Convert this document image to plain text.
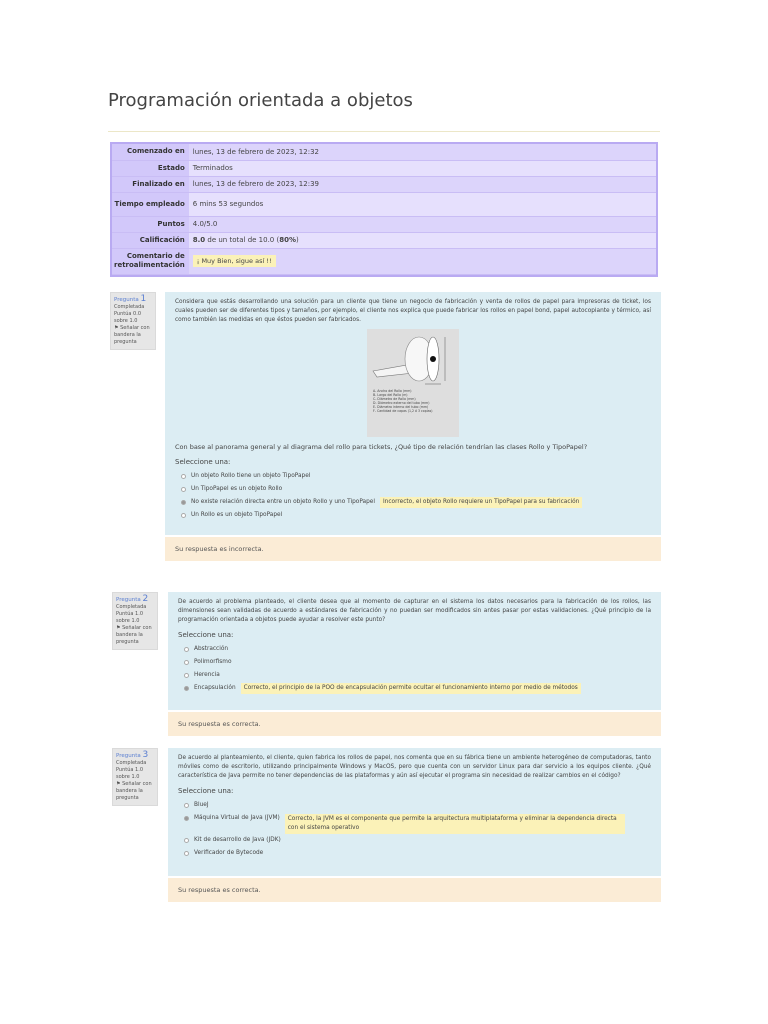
Programación orientada a objetos
Comenzado en	lunes, 13 de febrero de 2023, 12:32
Estado	Terminados
Finalizado en	lunes, 13 de febrero de 2023, 12:39
Tiempo empleado	6 mins 53 segundos
Puntos	4.0/5.0
Calificación	8.0 de un total de 10.0 (80%)
Comentario de retroalimentación	¡ Muy Bien, sigue así !!
Pregunta 1
Completada
Puntúa 0.0 sobre 1.0
⚑ Señalar con bandera la pregunta
Considera que estás desarrollando una solución para un cliente que tiene un negocio de fabricación y venta de rollos de papel para impresoras de ticket, los cuales pueden ser de diferentes tipos y tamaños, por ejemplo, el cliente nos explica que puede fabricar los rollos en papel bond, papel autocopiante y térmico, así como también las medidas en que éstos pueden ser fabricados.
A- Ancho del Rollo (mm)
B- Largo del Rollo (m)
C- Diámetro de Rollo (mm)
D- Diámetro externo del tubo (mm)
E- Diámetro interno del tubo (mm)
F- Cantidad de capas (1,2 ó 3 copias)
Con base al panorama general y al diagrama del rollo para tickets, ¿Qué tipo de relación tendrían las clases Rollo y TipoPapel?
Seleccione una:
Un objeto Rollo tiene un objeto TipoPapel
Un TipoPapel es un objeto Rollo
No existe relación directa entre un objeto Rollo y uno TipoPapel	Incorrecto, el objeto Rollo requiere un TipoPapel para su fabricación
Un Rollo es un objeto TipoPapel
Su respuesta es incorrecta.
Pregunta 2
Completada
Puntúa 1.0 sobre 1.0
⚑ Señalar con bandera la pregunta
De acuerdo al problema planteado, el cliente desea que al momento de capturar en el sistema los datos necesarios para la fabricación de los rollos, las dimensiones sean validadas de acuerdo a estándares de fabricación y no puedan ser modificados sin antes pasar por estas validaciones. ¿Qué principio de la programación orientada a objetos puede ayudar a resolver este punto?
Seleccione una:
Abstracción
Polimorfismo
Herencia
Encapsulación	Correcto, el principio de la POO de encapsulación permite ocultar el funcionamiento interno por medio de métodos
Su respuesta es correcta.
Pregunta 3
Completada
Puntúa 1.0 sobre 1.0
⚑ Señalar con bandera la pregunta
De acuerdo al planteamiento, el cliente, quien fabrica los rollos de papel, nos comenta que en su fábrica tiene un ambiente heterogéneo de computadoras, tanto móviles como de escritorio, utilizando principalmente Windows y MacOS, pero que cuenta con un servidor Linux para dar servicio a los equipos cliente. ¿Qué característica de Java permite no tener dependencias de las plataformas y aún así ejecutar el programa sin necesidad de realizar cambios en el código?
Seleccione una:
BlueJ
Máquina Virtual de Java (JVM)	Correcto, la JVM es el componente que permite la arquitectura multiplataforma y eliminar la dependencia directa con el sistema operativo
Kit de desarrollo de Java (JDK)
Verificador de Bytecode
Su respuesta es correcta.
